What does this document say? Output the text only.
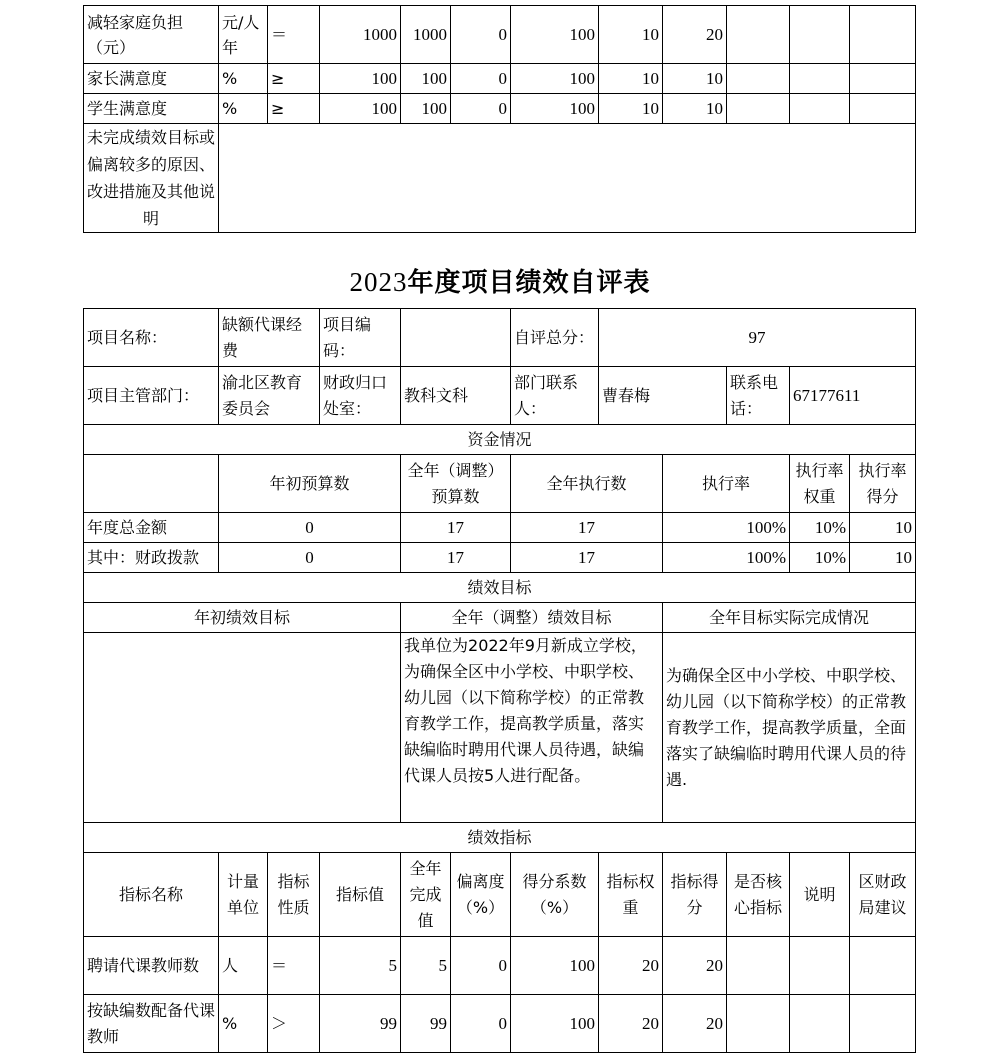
减轻家庭负担（元）	元/人年	＝	1000	1000	0	100	10	20			
家长满意度	%	≥	100	100	0	100	10	10			
学生满意度	%	≥	100	100	0	100	10	10			
未完成绩效目标或偏离较多的原因、改进措施及其他说明											
2023年度项目绩效自评表
项目名称：	缺额代课经费		项目编码：			自评总分：	97				
项目主管部门：	渝北区教育委员会		财政归口处室：	教科文科		部门联系人：	曹春梅		联系电话：	67177611	
资金情况											
	年初预算数			全年（调整）预算数		全年执行数		执行率		执行率权重	执行率得分
年度总金额	0			17		17		100%		10%	10
其中：财政拨款	0			17		17		100%		10%	10
绩效目标											
年初绩效目标				全年（调整）绩效目标				全年目标实际完成情况			
				我单位为2022年9月新成立学校，为确保全区中小学校、中职学校、幼儿园（以下简称学校）的正常教育教学工作，提高教学质量，落实缺编临时聘用代课人员待遇，缺编代课人员按5人进行配备。				为确保全区中小学校、中职学校、幼儿园（以下简称学校）的正常教育教学工作，提高教学质量，全面落实了缺编临时聘用代课人员的待遇.			
绩效指标											
指标名称	计量单位	指标性质	指标值	全年完成值	偏离度（%）	得分系数（%）	指标权重	指标得分	是否核心指标	说明	区财政局建议
聘请代课教师数	人	＝	5	5	0	100	20	20			
按缺编数配备代课教师	%	＞	99	99	0	100	20	20			
